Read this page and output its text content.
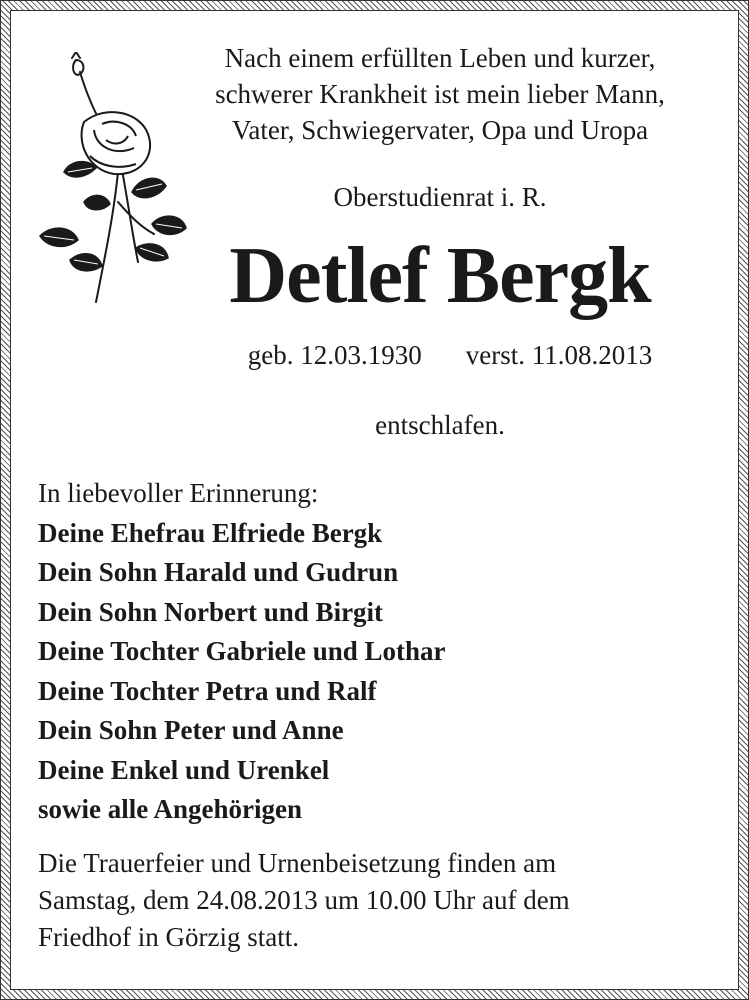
Nach einem erfüllten Leben und kurzer,
schwerer Krankheit ist mein lieber Mann,
Vater, Schwiegervater, Opa und Uropa
Oberstudienrat i. R.
Detlef Bergk
geb. 12.03.1930 verst. 11.08.2013
entschlafen.
In liebevoller Erinnerung:
Deine Ehefrau Elfriede Bergk
Dein Sohn Harald und Gudrun
Dein Sohn Norbert und Birgit
Deine Tochter Gabriele und Lothar
Deine Tochter Petra und Ralf
Dein Sohn Peter und Anne
Deine Enkel und Urenkel
sowie alle Angehörigen
Die Trauerfeier und Urnenbeisetzung finden am
Samstag, dem 24.08.2013 um 10.00 Uhr auf dem
Friedhof in Görzig statt.
